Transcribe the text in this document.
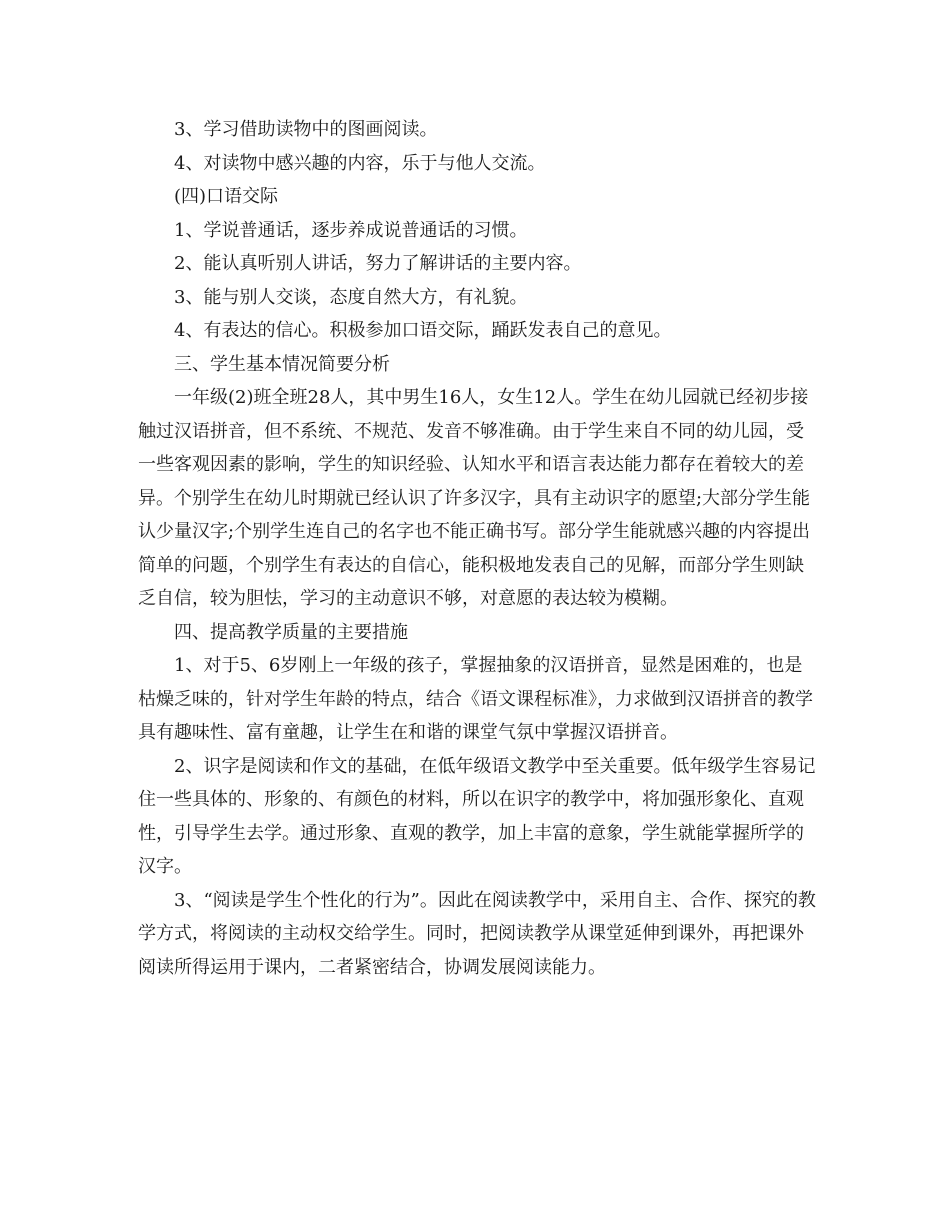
3、学习借助读物中的图画阅读。

4、对读物中感兴趣的内容，乐于与他人交流。

(四)口语交际

1、学说普通话，逐步养成说普通话的习惯。

2、能认真听别人讲话，努力了解讲话的主要内容。

3、能与别人交谈，态度自然大方，有礼貌。

4、有表达的信心。积极参加口语交际，踊跃发表自己的意见。

三、学生基本情况简要分析

一年级(2)班全班28人，其中男生16人，女生12人。学生在幼儿园就已经初步接触过汉语拼音，但不系统、不规范、发音不够准确。由于学生来自不同的幼儿园，受一些客观因素的影响，学生的知识经验、认知水平和语言表达能力都存在着较大的差异。个别学生在幼儿时期就已经认识了许多汉字，具有主动识字的愿望;大部分学生能认少量汉字;个别学生连自己的名字也不能正确书写。部分学生能就感兴趣的内容提出简单的问题，个别学生有表达的自信心，能积极地发表自己的见解，而部分学生则缺乏自信，较为胆怯，学习的主动意识不够，对意愿的表达较为模糊。

四、提高教学质量的主要措施

1、对于5、6岁刚上一年级的孩子，掌握抽象的汉语拼音，显然是困难的，也是枯燥乏味的，针对学生年龄的特点，结合《语文课程标准》，力求做到汉语拼音的教学具有趣味性、富有童趣，让学生在和谐的课堂气氛中掌握汉语拼音。

2、识字是阅读和作文的基础，在低年级语文教学中至关重要。低年级学生容易记住一些具体的、形象的、有颜色的材料，所以在识字的教学中，将加强形象化、直观性，引导学生去学。通过形象、直观的教学，加上丰富的意象，学生就能掌握所学的汉字。

3、“阅读是学生个性化的行为”。因此在阅读教学中，采用自主、合作、探究的教学方式，将阅读的主动权交给学生。同时，把阅读教学从课堂延伸到课外，再把课外阅读所得运用于课内，二者紧密结合，协调发展阅读能力。
